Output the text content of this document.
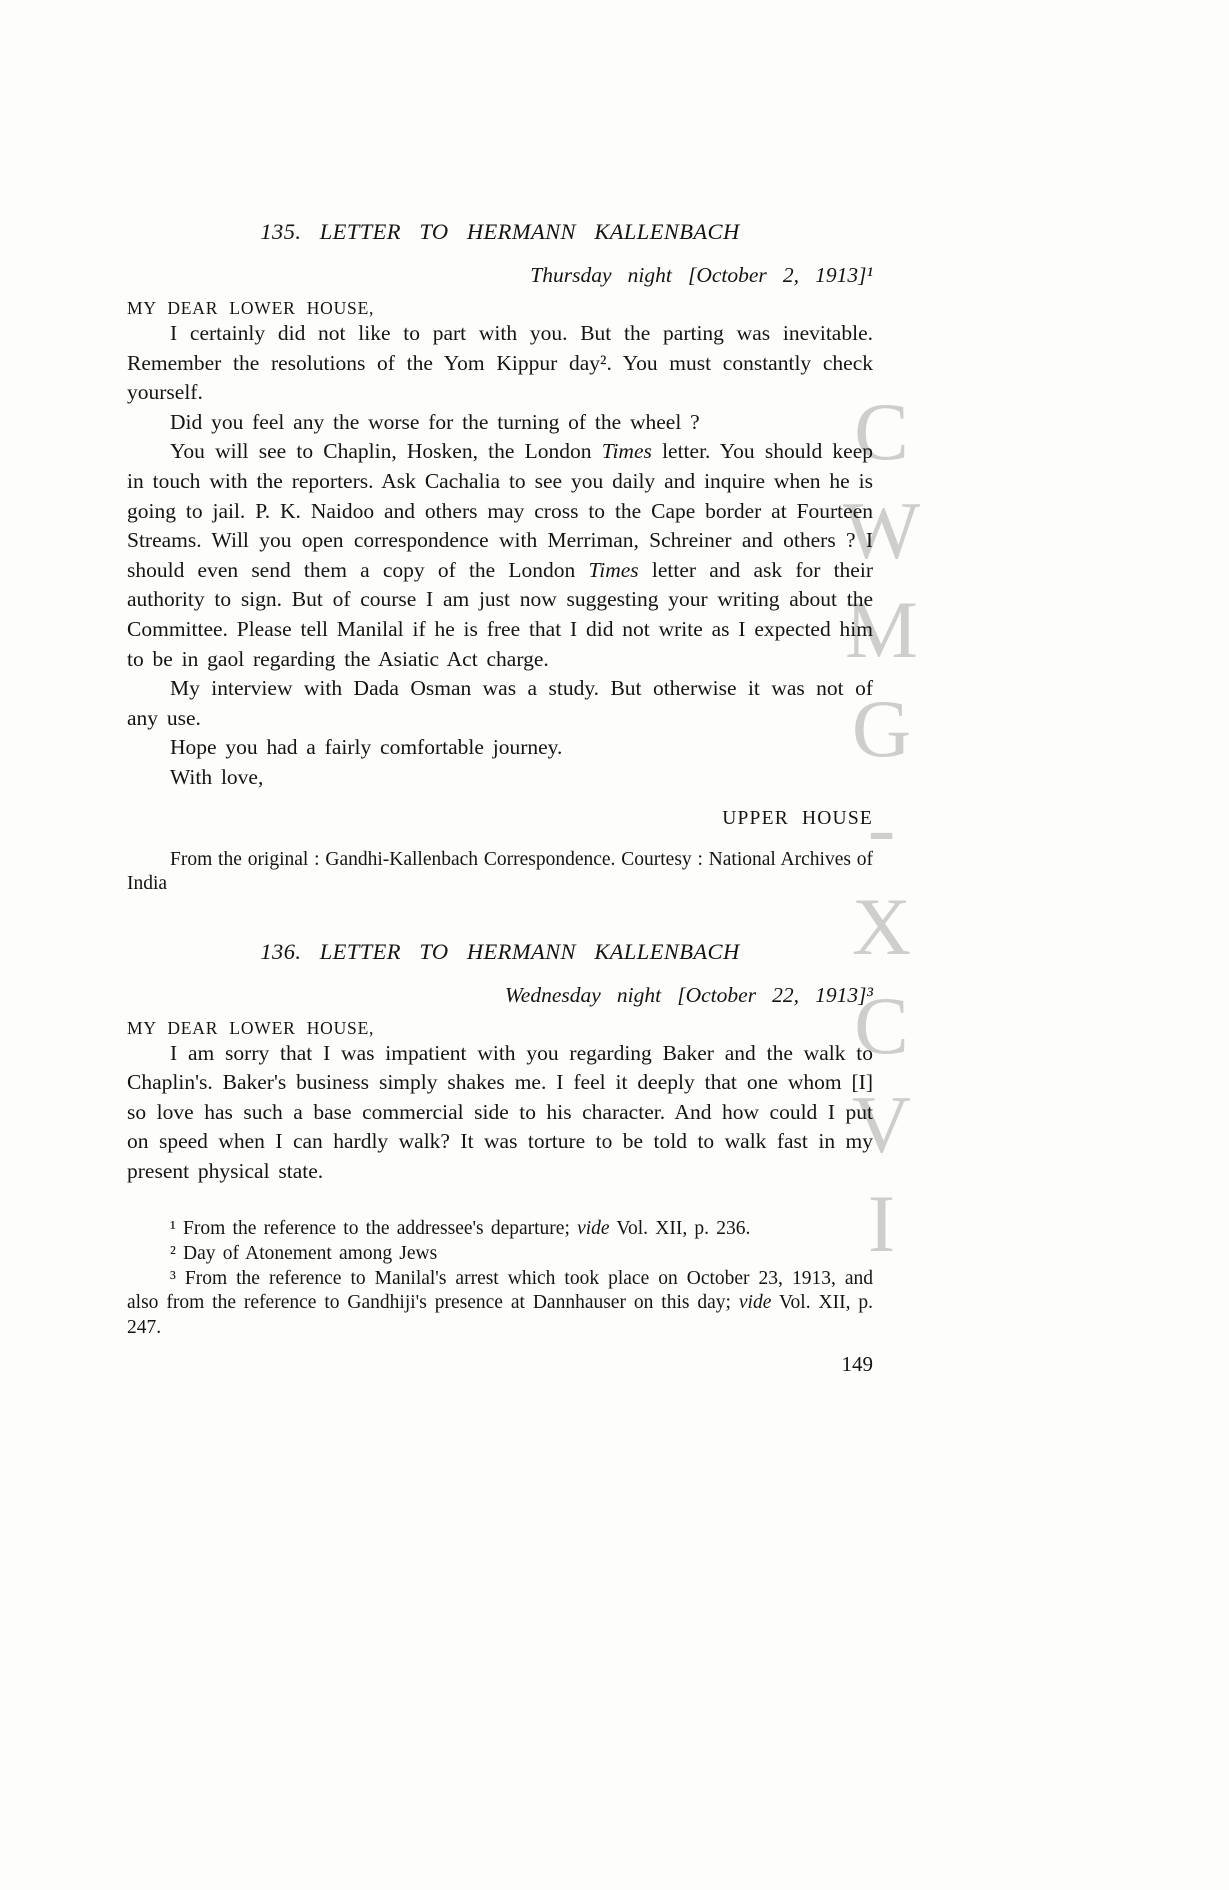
CWMG-XCVI
135. LETTER TO HERMANN KALLENBACH
Thursday night [October 2, 1913]¹
MY DEAR LOWER HOUSE,

I certainly did not like to part with you. But the parting was inevitable. Remember the resolutions of the Yom Kippur day². You must constantly check yourself.

Did you feel any the worse for the turning of the wheel ?

You will see to Chaplin, Hosken, the London Times letter. You should keep in touch with the reporters. Ask Cachalia to see you daily and inquire when he is going to jail. P. K. Naidoo and others may cross to the Cape border at Fourteen Streams. Will you open correspondence with Merriman, Schreiner and others ? I should even send them a copy of the London Times letter and ask for their authority to sign. But of course I am just now suggesting your writing about the Committee. Please tell Manilal if he is free that I did not write as I expected him to be in gaol regarding the Asiatic Act charge.

My interview with Dada Osman was a study. But otherwise it was not of any use.

Hope you had a fairly comfortable journey.

With love,

UPPER HOUSE
From the original : Gandhi-Kallenbach Correspondence. Courtesy : National Archives of India
136. LETTER TO HERMANN KALLENBACH
Wednesday night [October 22, 1913]³
MY DEAR LOWER HOUSE,

I am sorry that I was impatient with you regarding Baker and the walk to Chaplin's. Baker's business simply shakes me. I feel it deeply that one whom [I] so love has such a base commercial side to his character. And how could I put on speed when I can hardly walk? It was torture to be told to walk fast in my present physical state.

¹ From the reference to the addressee's departure; vide Vol. XII, p. 236.

² Day of Atonement among Jews

³ From the reference to Manilal's arrest which took place on October 23, 1913, and also from the reference to Gandhiji's presence at Dannhauser on this day; vide Vol. XII, p. 247.

149
